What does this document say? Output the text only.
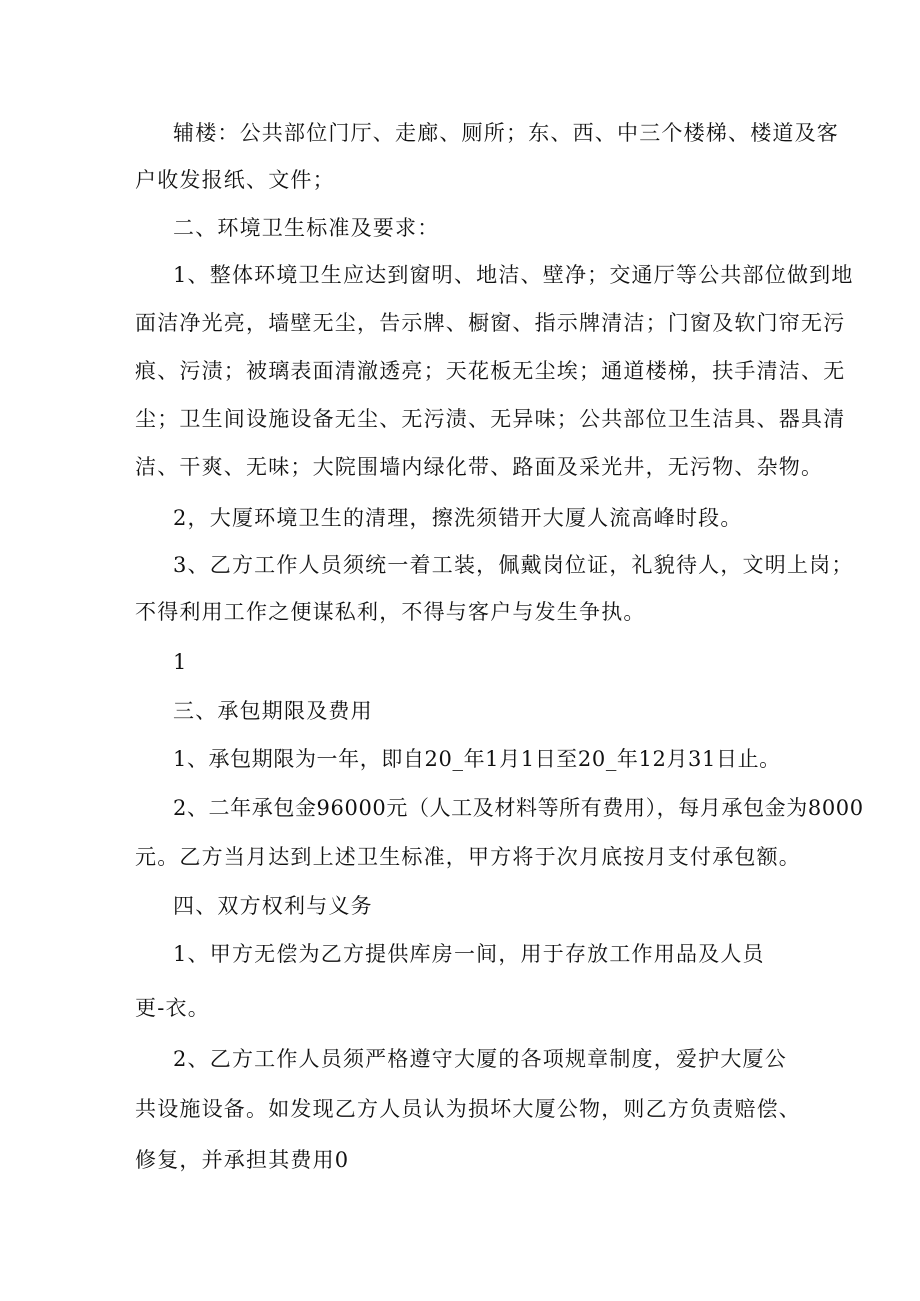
辅楼：公共部位门厅、走廊、厕所；东、西、中三个楼梯、楼道及客
户收发报纸、文件；
二、环境卫生标准及要求：
1、整体环境卫生应达到窗明、地洁、壁净；交通厅等公共部位做到地
面洁净光亮，墙壁无尘，告示牌、橱窗、指示牌清洁；门窗及软门帘无污
痕、污渍；被璃表面清澈透亮；天花板无尘埃；通道楼梯，扶手清洁、无
尘；卫生间设施设备无尘、无污渍、无异味；公共部位卫生洁具、器具清
洁、干爽、无味；大院围墙内绿化带、路面及采光井，无污物、杂物。
2，大厦环境卫生的清理，擦洗须错开大厦人流高峰时段。
3、乙方工作人员须统一着工装，佩戴岗位证，礼貌待人，文明上岗；
不得利用工作之便谋私利，不得与客户与发生争执。
1
三、承包期限及费用
1、承包期限为一年，即自20_年1月1日至20_年12月31日止。
2、二年承包金96000元（人工及材料等所有费用），每月承包金为8000
元。乙方当月达到上述卫生标准，甲方将于次月底按月支付承包额。
四、双方权利与义务
1、甲方无偿为乙方提供库房一间，用于存放工作用品及人员
更-衣。
2、乙方工作人员须严格遵守大厦的各项规章制度，爱护大厦公
共设施设备。如发现乙方人员认为损坏大厦公物，则乙方负责赔偿、
修复，并承担其费用0
